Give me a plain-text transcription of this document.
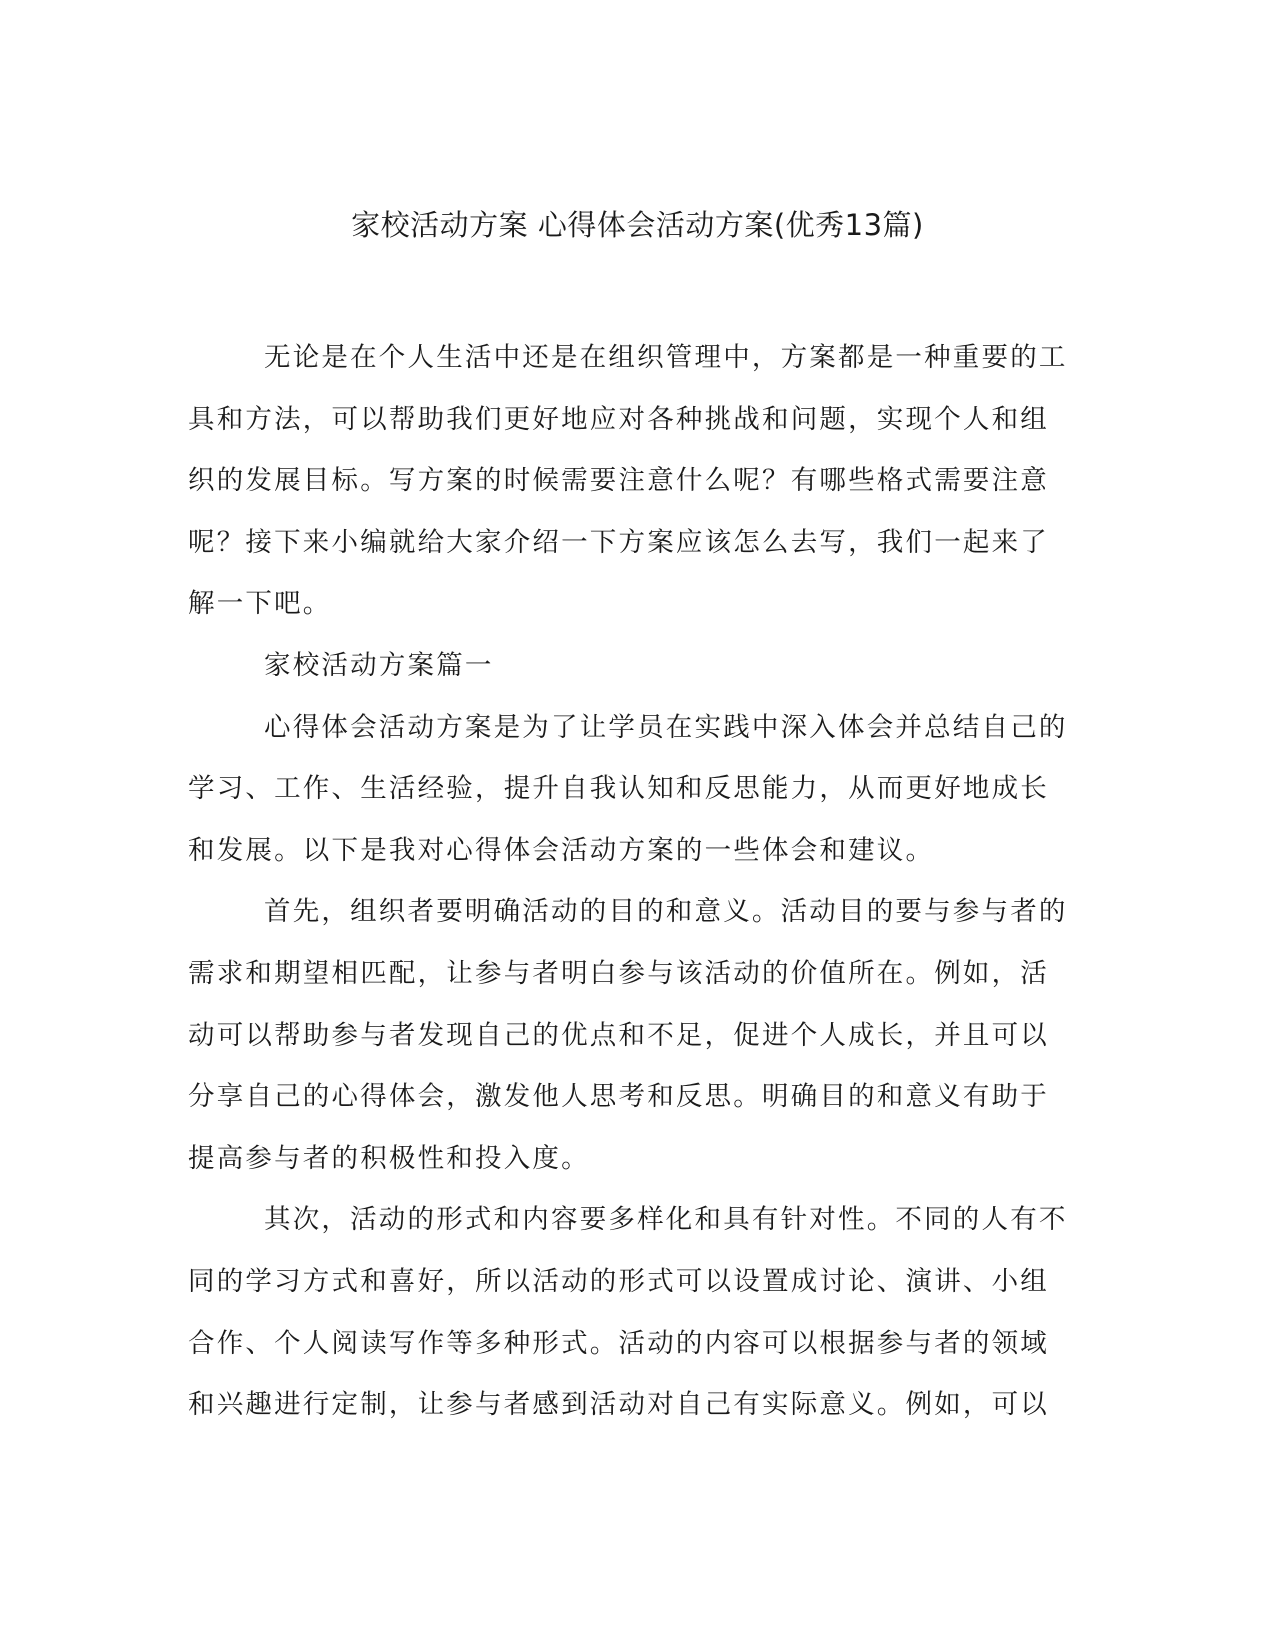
家校活动方案 心得体会活动方案(优秀13篇)
无论是在个人生活中还是在组织管理中，方案都是一种重要的工
具和方法，可以帮助我们更好地应对各种挑战和问题，实现个人和组
织的发展目标。写方案的时候需要注意什么呢？有哪些格式需要注意
呢？接下来小编就给大家介绍一下方案应该怎么去写，我们一起来了
解一下吧。
家校活动方案篇一
心得体会活动方案是为了让学员在实践中深入体会并总结自己的
学习、工作、生活经验，提升自我认知和反思能力，从而更好地成长
和发展。以下是我对心得体会活动方案的一些体会和建议。
首先，组织者要明确活动的目的和意义。活动目的要与参与者的
需求和期望相匹配，让参与者明白参与该活动的价值所在。例如，活
动可以帮助参与者发现自己的优点和不足，促进个人成长，并且可以
分享自己的心得体会，激发他人思考和反思。明确目的和意义有助于
提高参与者的积极性和投入度。
其次，活动的形式和内容要多样化和具有针对性。不同的人有不
同的学习方式和喜好，所以活动的形式可以设置成讨论、演讲、小组
合作、个人阅读写作等多种形式。活动的内容可以根据参与者的领域
和兴趣进行定制，让参与者感到活动对自己有实际意义。例如，可以
